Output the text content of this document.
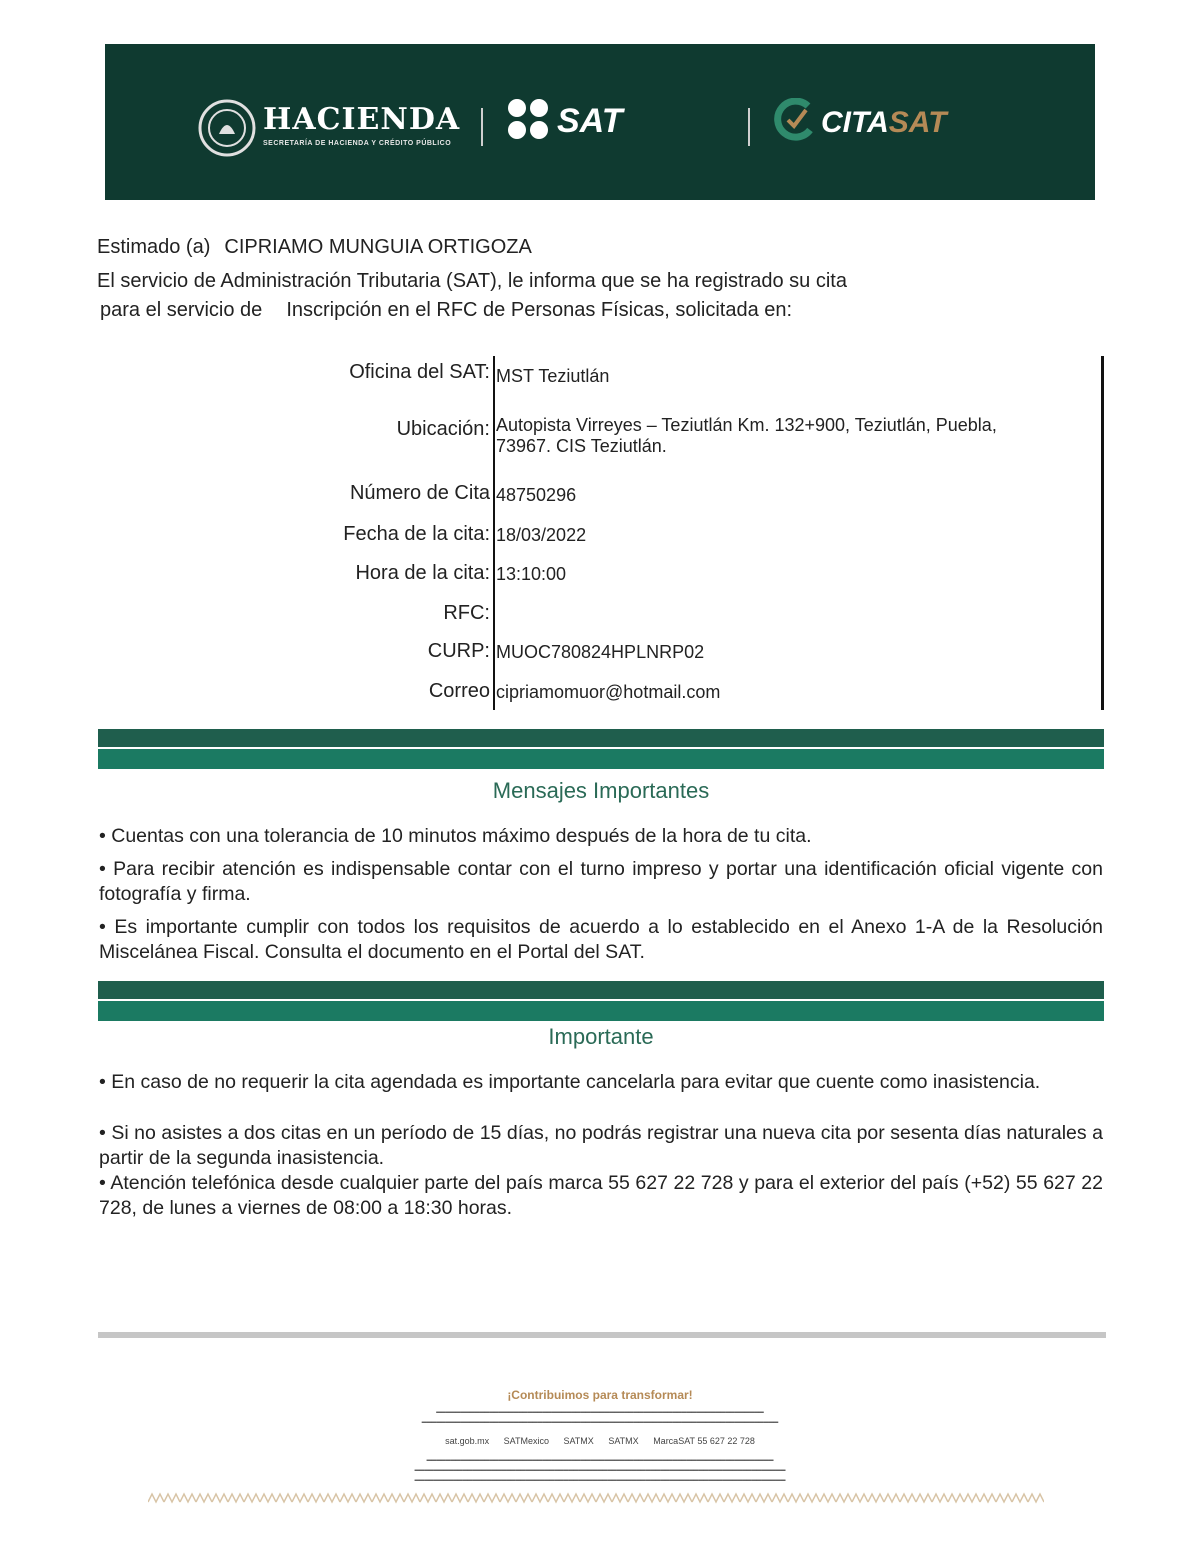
HACIENDA
SECRETARÍA DE HACIENDA Y CRÉDITO PÚBLICO
SAT	CITASAT
Estimado (a) CIPRIAMO MUNGUIA ORTIGOZA
El servicio de Administración Tributaria (SAT), le informa que se ha registrado su cita
para el servicio de Inscripción en el RFC de Personas Físicas, solicitada en:
Oficina del SAT: MST Teziutlán
Ubicación: Autopista Virreyes – Teziutlán Km. 132+900, Teziutlán, Puebla,
73967. CIS Teziutlán.
Número de Cita 48750296
Fecha de la cita: 18/03/2022
Hora de la cita: 13:10:00
RFC:
CURP: MUOC780824HPLNRP02
Correo cipriamomuor@hotmail.com
Mensajes Importantes
• Cuentas con una tolerancia de 10 minutos máximo después de la hora de tu cita.
• Para recibir atención es indispensable contar con el turno impreso y portar una identificación oficial vigente con fotografía y firma.
• Es importante cumplir con todos los requisitos de acuerdo a lo establecido en el Anexo 1-A de la Resolución Miscelánea Fiscal. Consulta el documento en el Portal del SAT.
Importante
• En caso de no requerir la cita agendada es importante cancelarla para evitar que cuente como inasistencia.
• Si no asistes a dos citas en un período de 15 días, no podrás registrar una nueva cita por sesenta días naturales a partir de la segunda inasistencia.
• Atención telefónica desde cualquier parte del país marca 55 627 22 728 y para el exterior del país (+52) 55 627 22 728, de lunes a viernes de 08:00 a 18:30 horas.
¡Contribuimos para transformar!
━━━━━━━━━━━━━━━━━━━━━━━━━━━━━━━━━━━━━━━━━━━━━━━━━━━━━━━━━━━━━━━━━━━━
━━━━━━━━━━━━━━━━━━━━━━━━━━━━━━━━━━━━━━━━━━━━━━━━━━━━━━━━━━━━━━━━━━━━━━━━━━
sat.gob.mx SATMexico SATMX SATMX MarcaSAT 55 627 22 728
━━━━━━━━━━━━━━━━━━━━━━━━━━━━━━━━━━━━━━━━━━━━━━━━━━━━━━━━━━━━━━━━━━━━━━━━
━━━━━━━━━━━━━━━━━━━━━━━━━━━━━━━━━━━━━━━━━━━━━━━━━━━━━━━━━━━━━━━━━━━━━━━━━━━━━
━━━━━━━━━━━━━━━━━━━━━━━━━━━━━━━━━━━━━━━━━━━━━━━━━━━━━━━━━━━━━━━━━━━━━━━━━━━━━
